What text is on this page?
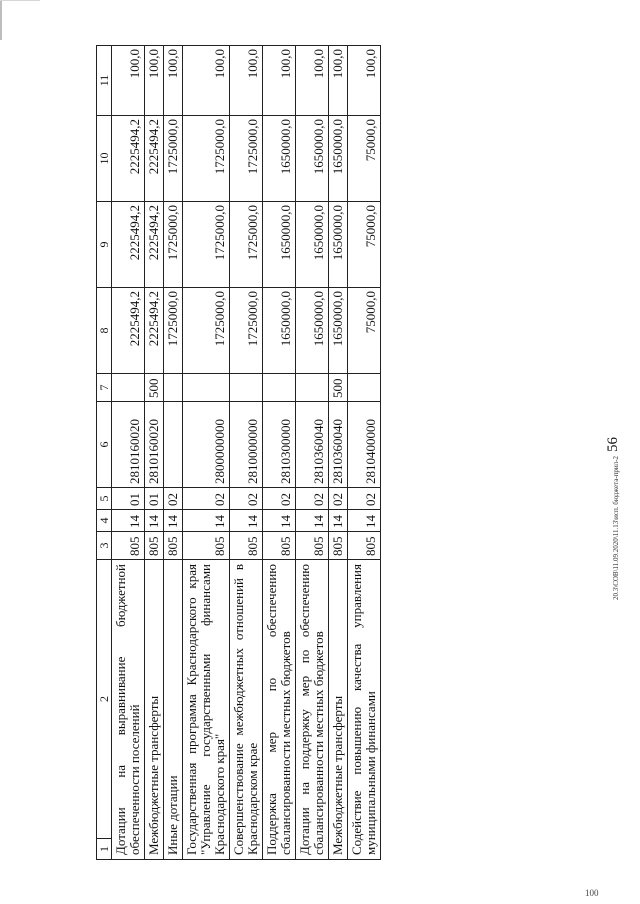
56
20.3\СОВ\11.09.2020\11.13\исп. бюджета-прил-2
100
1
2	3	4	5	6	7	8	9	10	11
Дотации на выравнивание бюджетной обеспеченности поселений	805	14	01	2810160020		2225494,2	2225494,2	2225494,2	100,0
Межбюджетные трансферты	805	14	01	2810160020	500	2225494,2	2225494,2	2225494,2	100,0
Иные дотации	805	14	02			1725000,0	1725000,0	1725000,0	100,0
Государственная программа Краснодарского края "Управление государственными финансами Краснодарского края"	805	14	02	2800000000		1725000,0	1725000,0	1725000,0	100,0
Совершенствование межбюджетных отношений в Краснодарском крае	805	14	02	2810000000		1725000,0	1725000,0	1725000,0	100,0
Поддержка мер по обеспечению сбалансированности местных бюджетов	805	14	02	2810300000		1650000,0	1650000,0	1650000,0	100,0
Дотации на поддержку мер по обеспечению сбалансированности местных бюджетов	805	14	02	2810360040		1650000,0	1650000,0	1650000,0	100,0
Межбюджетные трансферты	805	14	02	2810360040	500	1650000,0	1650000,0	1650000,0	100,0
Содействие повышению качества управления муниципальными финансами	805	14	02	2810400000		75000,0	75000,0	75000,0	100,0
